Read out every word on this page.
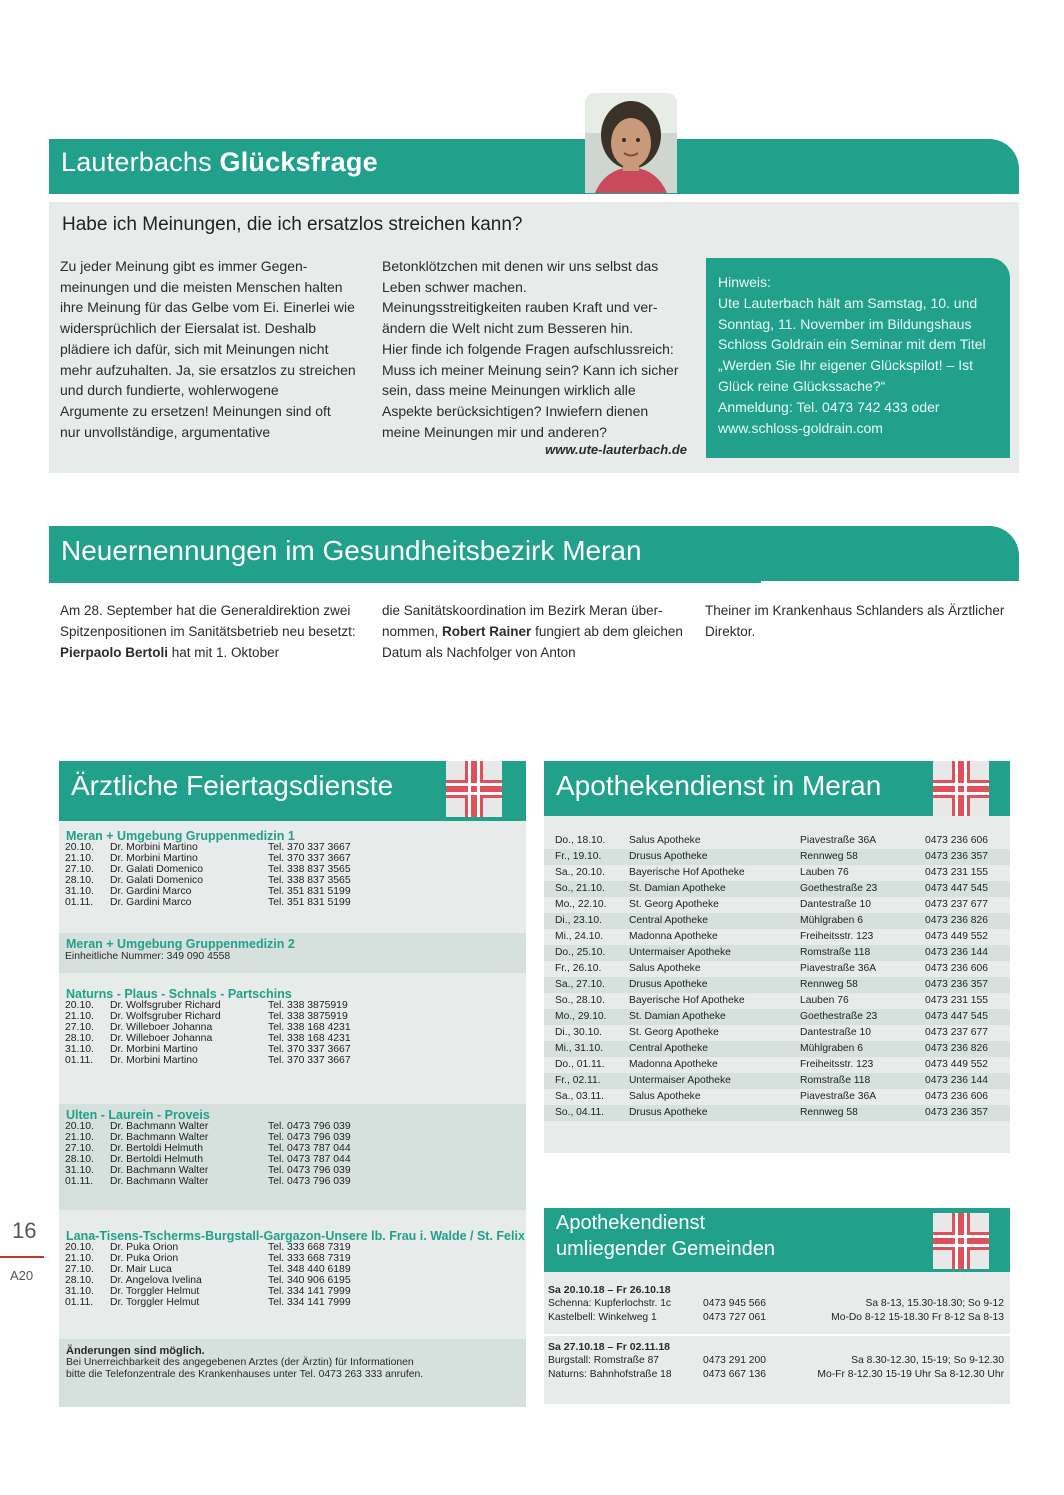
Lauterbachs Glücksfrage
Habe ich Meinungen, die ich ersatzlos streichen kann?
Zu jeder Meinung gibt es immer Gegen-
meinungen und die meisten Menschen halten
ihre Meinung für das Gelbe vom Ei. Einerlei wie
widersprüchlich der Eiersalat ist. Deshalb
plädiere ich dafür, sich mit Meinungen nicht
mehr aufzuhalten. Ja, sie ersatzlos zu streichen
und durch fundierte, wohlerwogene
Argumente zu ersetzen! Meinungen sind oft
nur unvollständige, argumentative
Betonklötzchen mit denen wir uns selbst das
Leben schwer machen.
Meinungsstreitigkeiten rauben Kraft und ver-
ändern die Welt nicht zum Besseren hin.
Hier finde ich folgende Fragen aufschlussreich:
Muss ich meiner Meinung sein? Kann ich sicher
sein, dass meine Meinungen wirklich alle
Aspekte berücksichtigen? Inwiefern dienen
meine Meinungen mir und anderen?
www.ute-lauterbach.de
Hinweis:
Ute Lauterbach hält am Samstag, 10. und
Sonntag, 11. November im Bildungshaus
Schloss Goldrain ein Seminar mit dem Titel
„Werden Sie Ihr eigener Glückspilot! – Ist
Glück reine Glückssache?“
Anmeldung: Tel. 0473 742 433 oder
www.schloss-goldrain.com
Neuernennungen im Gesundheitsbezirk Meran
Am 28. September hat die Generaldirektion zwei Spitzenpositionen im Sanitätsbetrieb neu besetzt: Pierpaolo Bertoli hat mit 1. Oktober
die Sanitätskoordination im Bezirk Meran über-nommen, Robert Rainer fungiert ab dem gleichen Datum als Nachfolger von Anton
Theiner im Krankenhaus Schlanders als Ärztlicher Direktor.
Ärztliche Feiertagsdienste
Meran + Umgebung Gruppenmedizin 1
20.10.	Dr. Morbini Martino	Tel. 370 337 3667
21.10.	Dr. Morbini Martino	Tel. 370 337 3667
27.10.	Dr. Galati Domenico	Tel. 338 837 3565
28.10.	Dr. Galati Domenico	Tel. 338 837 3565
31.10.	Dr. Gardini Marco	Tel. 351 831 5199
01.11.	Dr. Gardini Marco	Tel. 351 831 5199
Meran + Umgebung Gruppenmedizin 2
Einheitliche Nummer: 349 090 4558
Naturns - Plaus - Schnals - Partschins
20.10.	Dr. Wolfsgruber Richard	Tel. 338 3875919
21.10.	Dr. Wolfsgruber Richard	Tel. 338 3875919
27.10.	Dr. Willeboer Johanna	Tel. 338 168 4231
28.10.	Dr. Willeboer Johanna	Tel. 338 168 4231
31.10.	Dr. Morbini Martino	Tel. 370 337 3667
01.11.	Dr. Morbini Martino	Tel. 370 337 3667
Ulten - Laurein - Proveis
20.10.	Dr. Bachmann Walter	Tel. 0473 796 039
21.10.	Dr. Bachmann Walter	Tel. 0473 796 039
27.10.	Dr. Bertoldi Helmuth	Tel. 0473 787 044
28.10.	Dr. Bertoldi Helmuth	Tel. 0473 787 044
31.10.	Dr. Bachmann Walter	Tel. 0473 796 039
01.11.	Dr. Bachmann Walter	Tel. 0473 796 039
Lana-Tisens-Tscherms-Burgstall-Gargazon-Unsere lb. Frau i. Walde / St. Felix
20.10.	Dr. Puka Orion	Tel. 333 668 7319
21.10.	Dr. Puka Orion	Tel. 333 668 7319
27.10.	Dr. Mair Luca	Tel. 348 440 6189
28.10.	Dr. Angelova Ivelina	Tel. 340 906 6195
31.10.	Dr. Torggler Helmut	Tel. 334 141 7999
01.11.	Dr. Torggler Helmut	Tel. 334 141 7999
Änderungen sind möglich.
Bei Unerreichbarkeit des angegebenen Arztes (der Ärztin) für Informationen
bitte die Telefonzentrale des Krankenhauses unter Tel. 0473 263 333 anrufen.
Apothekendienst in Meran
Do., 18.10.	Salus Apotheke	Piavestraße 36A	0473 236 606
Fr., 19.10.	Drusus Apotheke	Rennweg 58	0473 236 357
Sa., 20.10.	Bayerische Hof Apotheke	Lauben 76	0473 231 155
So., 21.10.	St. Damian Apotheke	Goethestraße 23	0473 447 545
Mo., 22.10.	St. Georg Apotheke	Dantestraße 10	0473 237 677
Di., 23.10.	Central Apotheke	Mühlgraben 6	0473 236 826
Mi., 24.10.	Madonna Apotheke	Freiheitsstr. 123	0473 449 552
Do., 25.10.	Untermaiser Apotheke	Romstraße 118	0473 236 144
Fr., 26.10.	Salus Apotheke	Piavestraße 36A	0473 236 606
Sa., 27.10.	Drusus Apotheke	Rennweg 58	0473 236 357
So., 28.10.	Bayerische Hof Apotheke	Lauben 76	0473 231 155
Mo., 29.10.	St. Damian Apotheke	Goethestraße 23	0473 447 545
Di., 30.10.	St. Georg Apotheke	Dantestraße 10	0473 237 677
Mi., 31.10.	Central Apotheke	Mühlgraben 6	0473 236 826
Do., 01.11.	Madonna Apotheke	Freiheitsstr. 123	0473 449 552
Fr., 02.11.	Untermaiser Apotheke	Romstraße 118	0473 236 144
Sa., 03.11.	Salus Apotheke	Piavestraße 36A	0473 236 606
So., 04.11.	Drusus Apotheke	Rennweg 58	0473 236 357
Apothekendienst
umliegender Gemeinden
Sa 20.10.18 – Fr 26.10.18
Schenna: Kupferlochstr. 1c	0473 945 566	Sa 8-13, 15.30-18.30; So 9-12
Kastelbell: Winkelweg 1	0473 727 061	Mo-Do 8-12 15-18.30 Fr 8-12 Sa 8-13
Sa 27.10.18 – Fr 02.11.18
Burgstall: Romstraße 87	0473 291 200	Sa 8.30-12.30, 15-19; So 9-12.30
Naturns: Bahnhofstraße 18	0473 667 136	Mo-Fr 8-12.30 15-19 Uhr Sa 8-12.30 Uhr
16
A20
